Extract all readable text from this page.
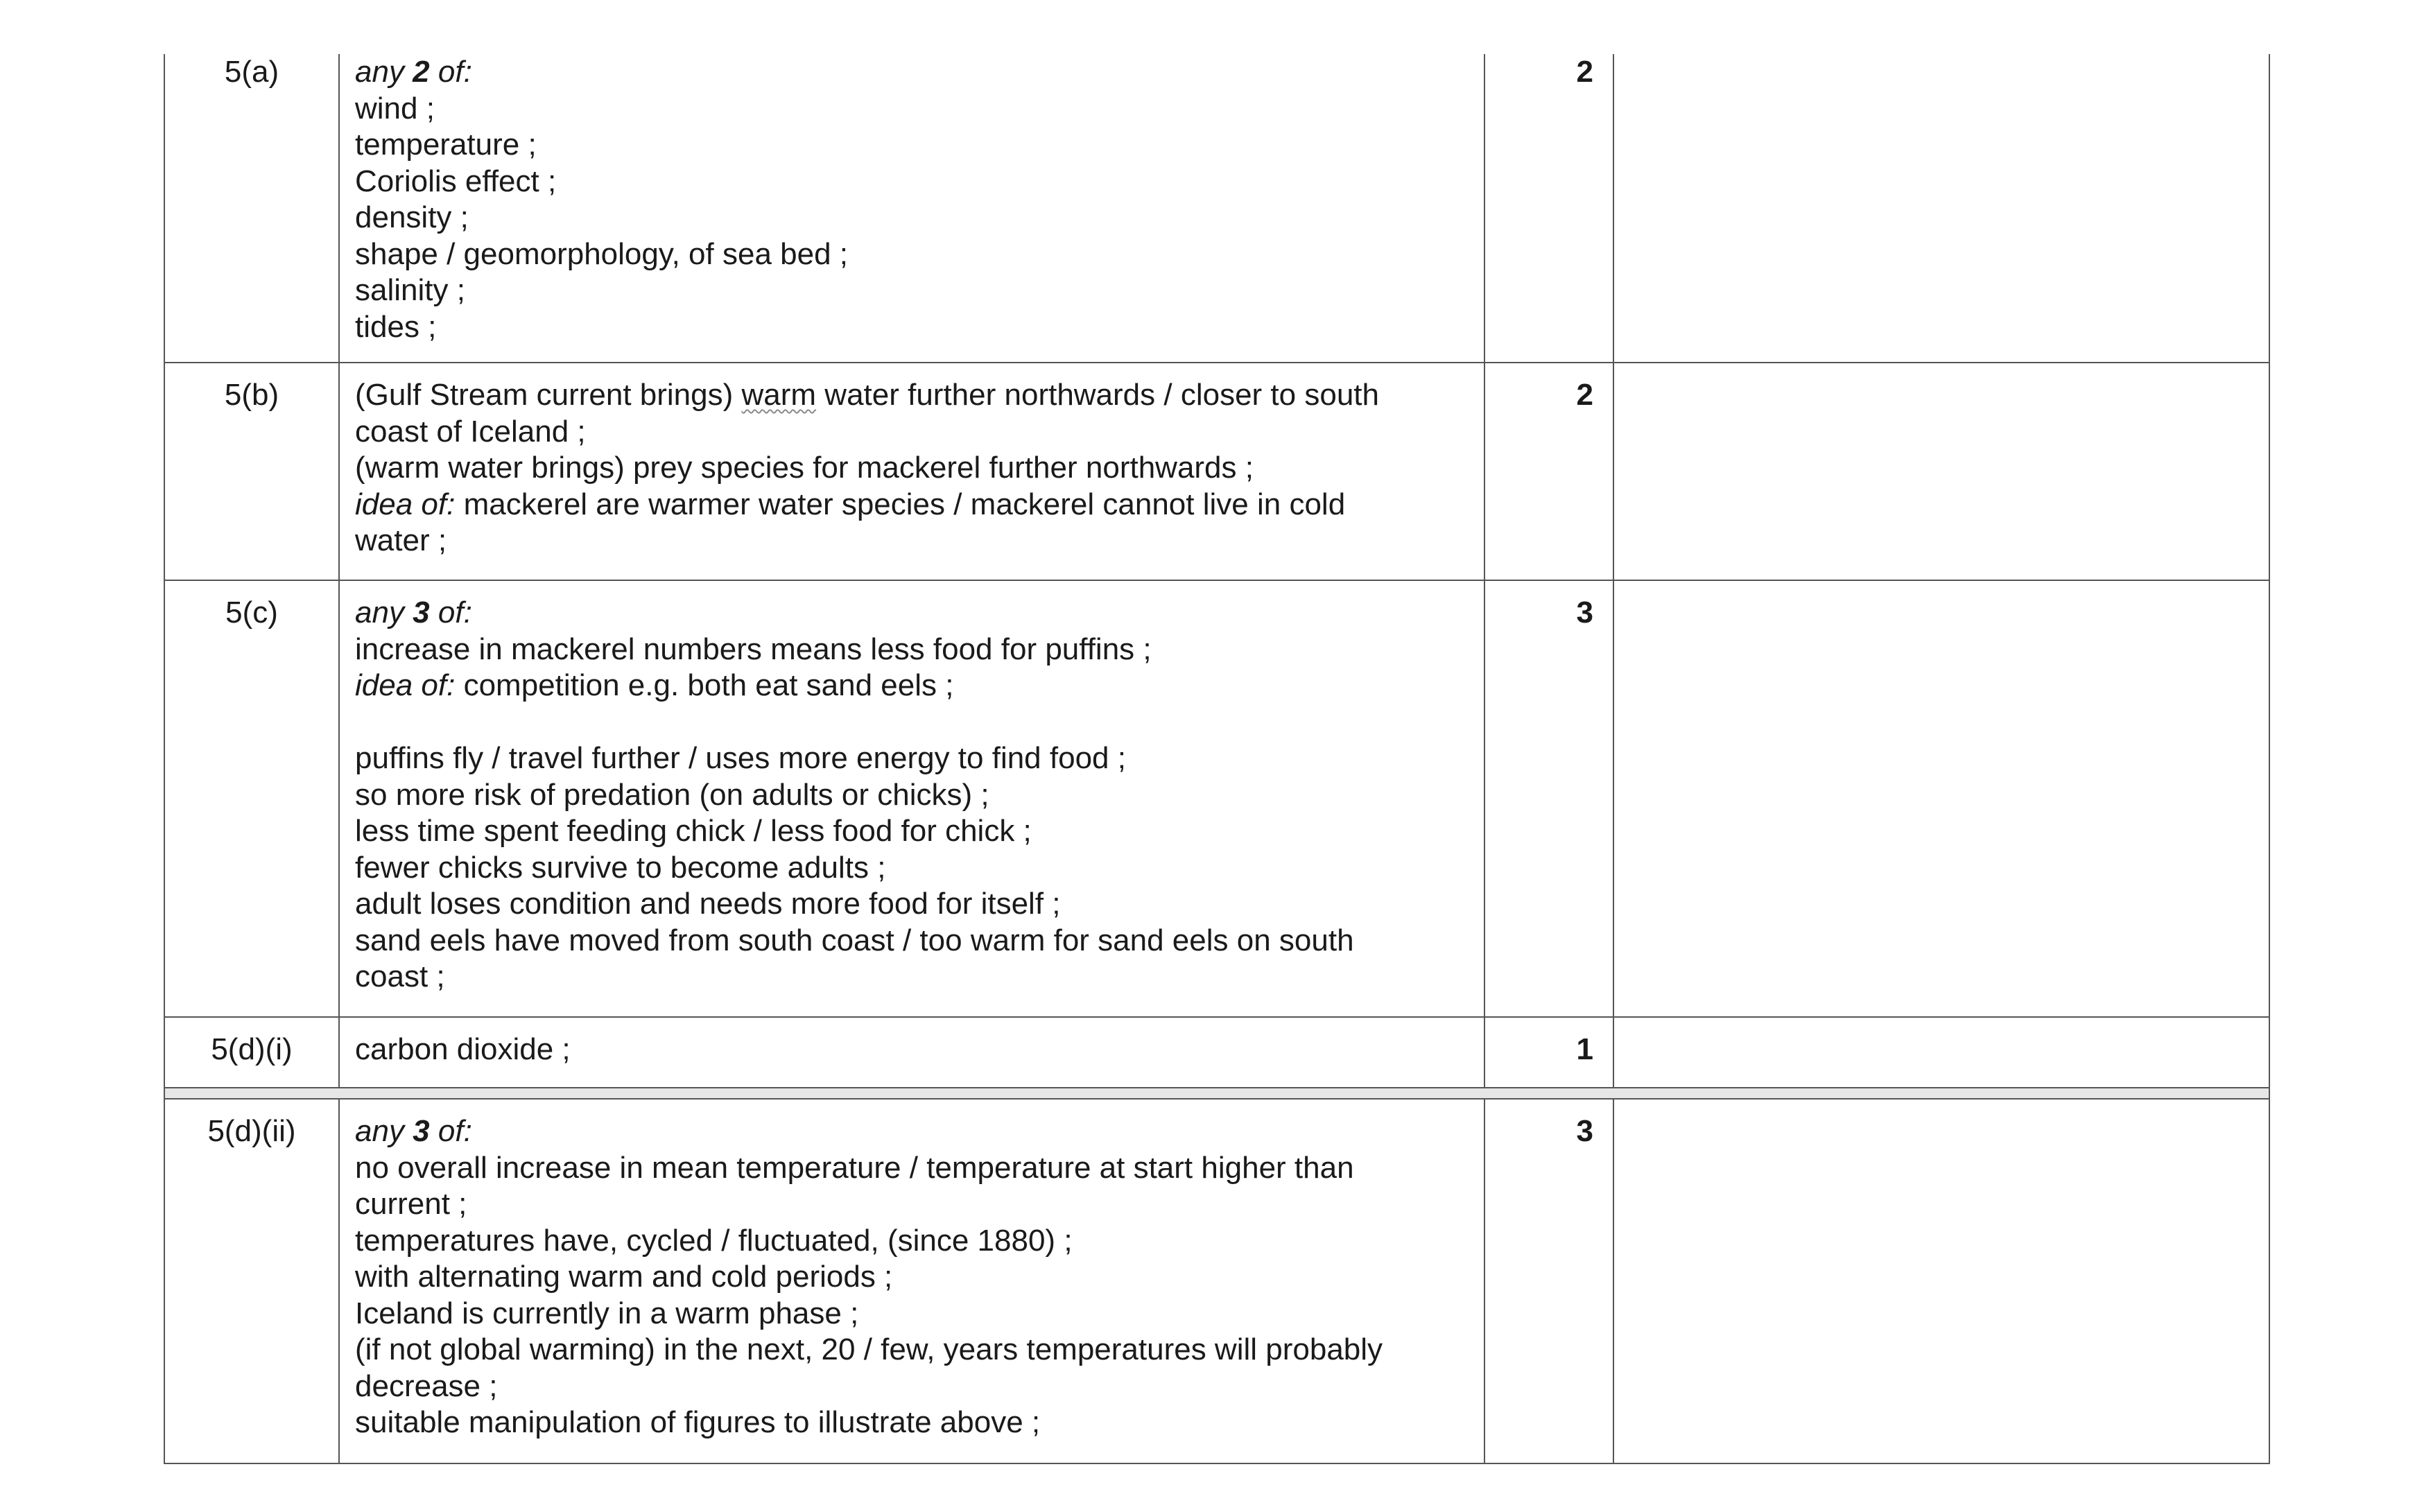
5(a)	any 2 of:
wind ;
temperature ;
Coriolis effect ;
density ;
shape / geomorphology, of sea bed ;
salinity ;
tides ;
2
5(b)	(Gulf Stream current brings) warm water further northwards / closer to south
coast of Iceland ;
(warm water brings) prey species for mackerel further northwards ;
idea of: mackerel are warmer water species / mackerel cannot live in cold
water ;
2
5(c)	any 3 of:
increase in mackerel numbers means less food for puffins ;
idea of: competition e.g. both eat sand eels ;
puffins fly / travel further / uses more energy to find food ;
so more risk of predation (on adults or chicks) ;
less time spent feeding chick / less food for chick ;
fewer chicks survive to become adults ;
adult loses condition and needs more food for itself ;
sand eels have moved from south coast / too warm for sand eels on south
coast ;
3
5(d)(i)	carbon dioxide ;	1
5(d)(ii)	any 3 of:
no overall increase in mean temperature / temperature at start higher than
current ;
temperatures have, cycled / fluctuated, (since 1880) ;
with alternating warm and cold periods ;
Iceland is currently in a warm phase ;
(if not global warming) in the next, 20 / few, years temperatures will probably
decrease ;
suitable manipulation of figures to illustrate above ;
3
